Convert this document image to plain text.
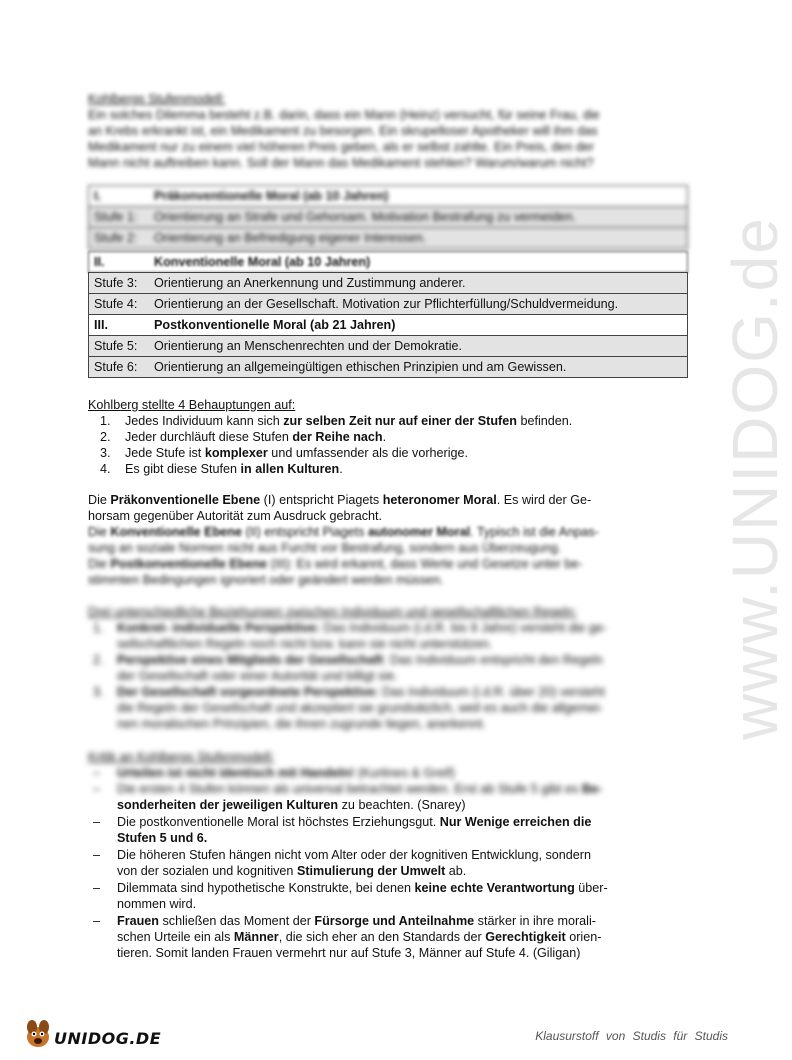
www.UNIDOG.de
Kohlbergs Stufenmodell:
Ein solches Dilemma besteht z.B. darin, dass ein Mann (Heinz) versucht, für seine Frau, die
an Krebs erkrankt ist, ein Medikament zu besorgen. Ein skrupelloser Apotheker will ihm das
Medikament nur zu einem viel höheren Preis geben, als er selbst zahlte. Ein Preis, den der
Mann nicht auftreiben kann. Soll der Mann das Medikament stehlen? Warum/warum nicht?
I.	Präkonventionelle Moral (ab 10 Jahren)
Stufe 1:	Orientierung an Strafe und Gehorsam. Motivation Bestrafung zu vermeiden.
Stufe 2:	Orientierung an Befriedigung eigener Interessen.
II.	Konventionelle Moral (ab 10 Jahren)
Stufe 3:	Orientierung an Anerkennung und Zustimmung anderer.
Stufe 4:	Orientierung an der Gesellschaft. Motivation zur Pflichterfüllung/Schuldvermeidung.
III.	Postkonventionelle Moral (ab 21 Jahren)
Stufe 5:	Orientierung an Menschenrechten und der Demokratie.
Stufe 6:	Orientierung an allgemeingültigen ethischen Prinzipien und am Gewissen.
Kohlberg stellte 4 Behauptungen auf:
1. Jedes Individuum kann sich zur selben Zeit nur auf einer der Stufen befinden.
2. Jeder durchläuft diese Stufen der Reihe nach.
3. Jede Stufe ist komplexer und umfassender als die vorherige.
4. Es gibt diese Stufen in allen Kulturen.
Die Präkonventionelle Ebene (I) entspricht Piagets heteronomer Moral. Es wird der Ge-
horsam gegenüber Autorität zum Ausdruck gebracht.
Die Konventionelle Ebene (II) entspricht Piagets autonomer Moral. Typisch ist die Anpas-
sung an soziale Normen nicht aus Furcht vor Bestrafung, sondern aus Überzeugung.
Die Postkonventionelle Ebene (III): Es wird erkannt, dass Werte und Gesetze unter be-
stimmten Bedingungen ignoriert oder geändert werden müssen.
Drei unterschiedliche Beziehungen zwischen Individuum und gesellschaftlichen Regeln:
1. Konkret- individuelle Perspektive: Das Individuum (i.d.R. bis 9 Jahre) versteht die ge-
sellschaftlichen Regeln noch nicht bzw. kann sie nicht unterstützen.
2. Perspektive eines Mitglieds der Gesellschaft: Das Individuum entspricht den Regeln
der Gesellschaft oder einer Autorität und billigt sie.
3. Der Gesellschaft vorgeordnete Perspektive: Das Individuum (i.d.R. über 20) versteht
die Regeln der Gesellschaft und akzeptiert sie grundsätzlich, weil es auch die allgemei-
nen moralischen Prinzipien, die ihnen zugrunde liegen, anerkennt.
Kritik an Kohlbergs Stufenmodell:
– Urteilen ist nicht identisch mit Handeln! (Kurtines & Greif)
– Die ersten 4 Stufen können als universal betrachtet werden. Erst ab Stufe 5 gibt es Be-
sonderheiten der jeweiligen Kulturen zu beachten. (Snarey)
– Die postkonventionelle Moral ist höchstes Erziehungsgut. Nur Wenige erreichen die
Stufen 5 und 6.
– Die höheren Stufen hängen nicht vom Alter oder der kognitiven Entwicklung, sondern
von der sozialen und kognitiven Stimulierung der Umwelt ab.
– Dilemmata sind hypothetische Konstrukte, bei denen keine echte Verantwortung über-
nommen wird.
– Frauen schließen das Moment der Fürsorge und Anteilnahme stärker in ihre morali-
schen Urteile ein als Männer, die sich eher an den Standards der Gerechtigkeit orien-
tieren. Somit landen Frauen vermehrt nur auf Stufe 3, Männer auf Stufe 4. (Giligan)
UNIDOG.DE	Klausurstoff von Studis für Studis
